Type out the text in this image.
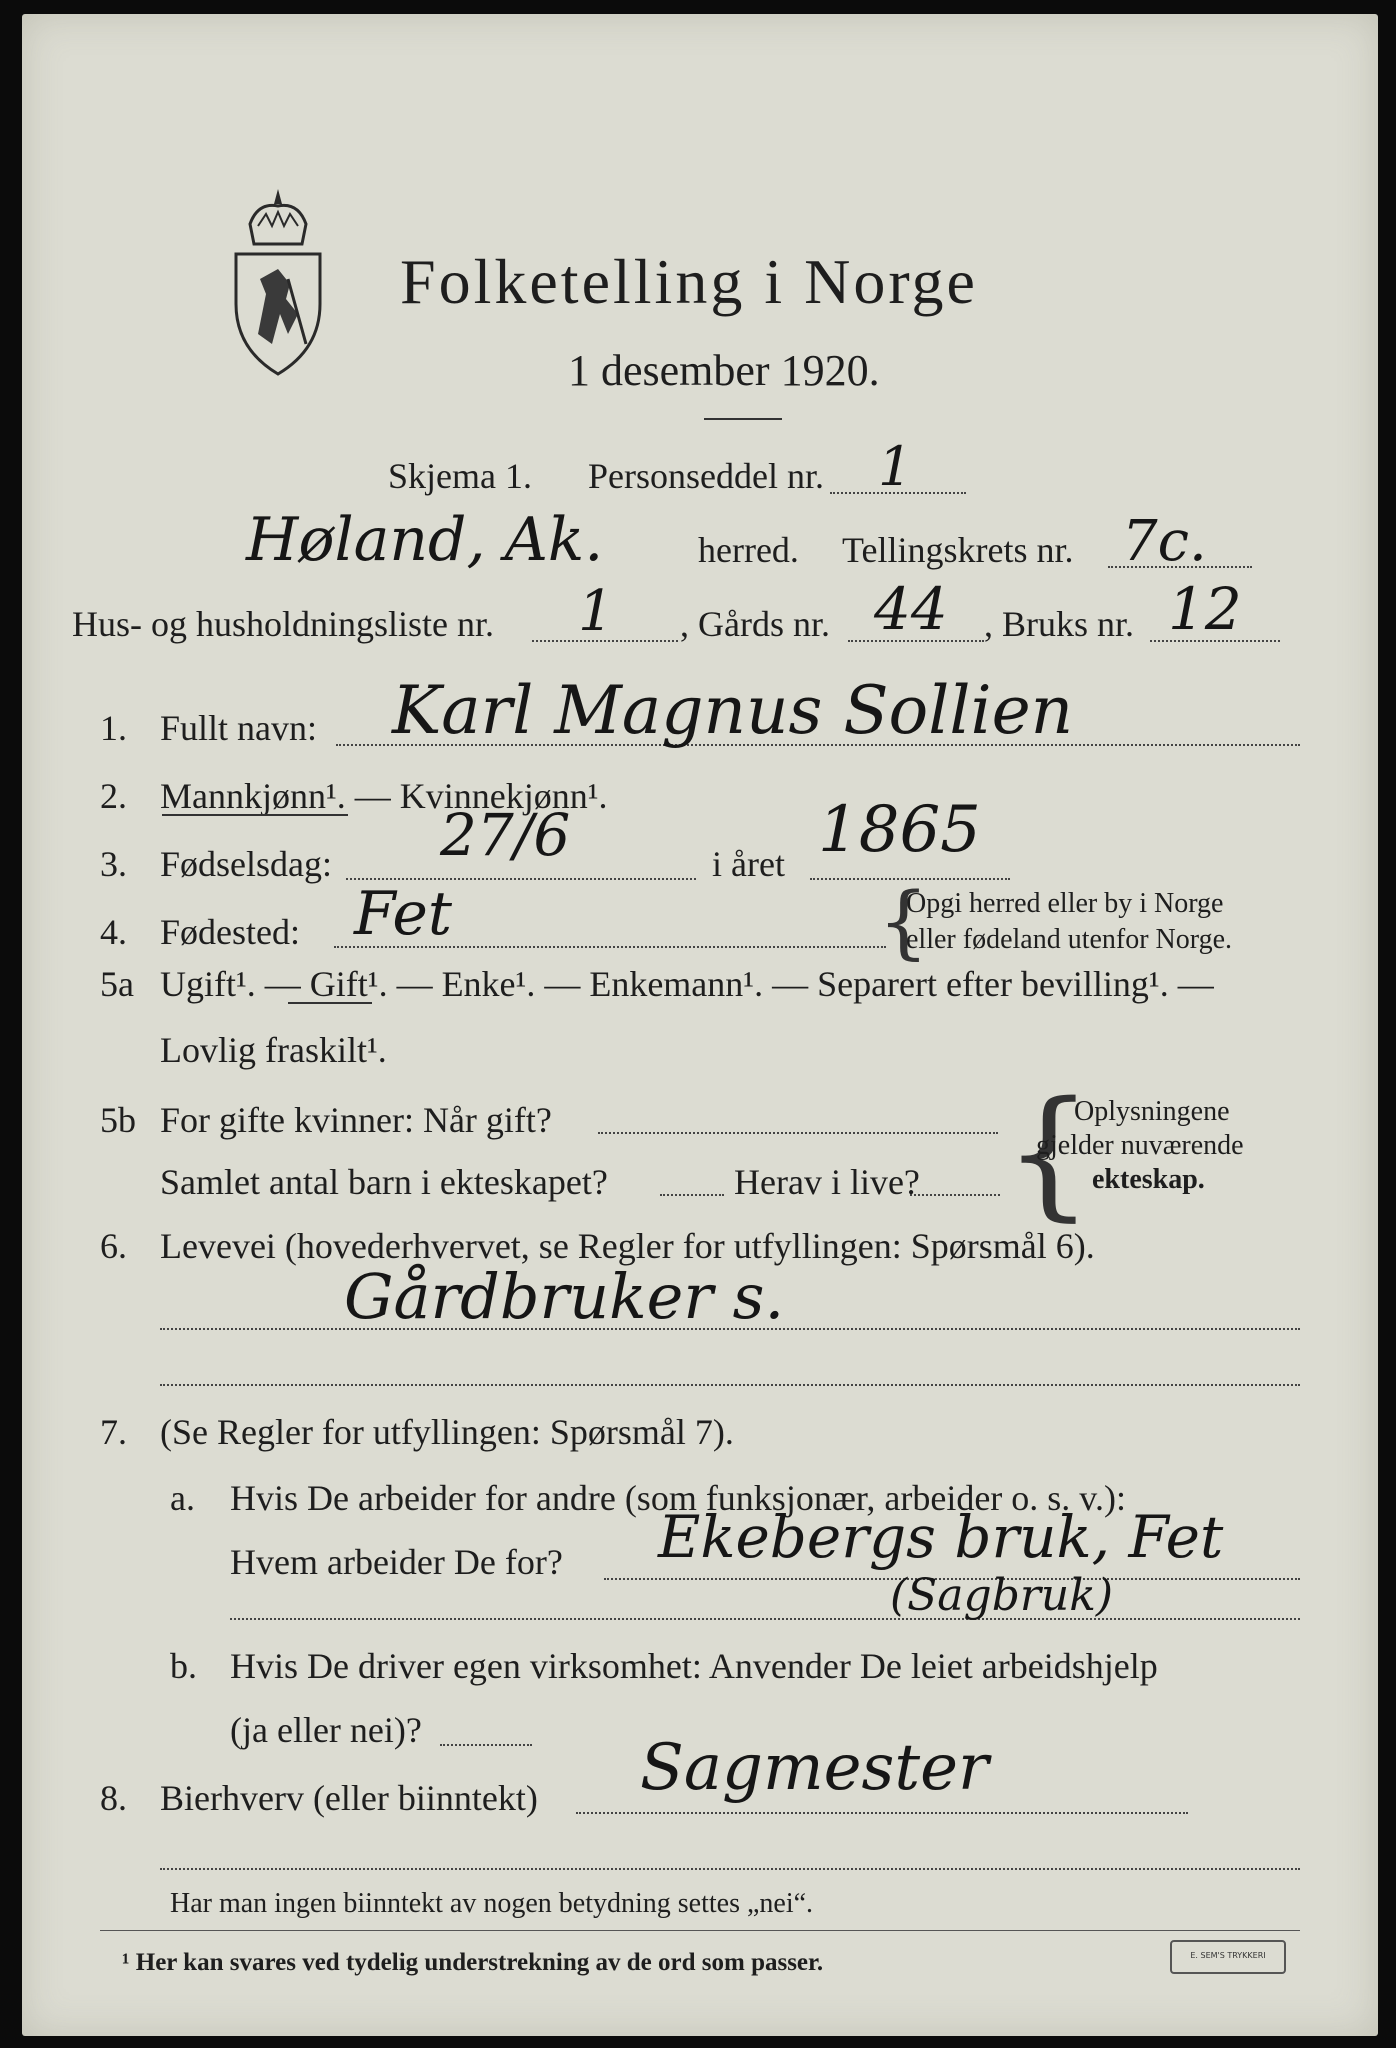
Folketelling i Norge
1 desember 1920.
Skjema 1. Personseddel nr. 1
Høland, Ak.	herred. Tellingskrets nr. 7c.
Hus- og husholdningsliste nr. 1 , Gårds nr. 44 , Bruks nr. 12
1. Fullt navn: Karl Magnus Sollien
2. Mannkjønn¹. — Kvinnekjønn¹.
3. Fødselsdag: 27/6	i året 1865
4. Fødested: Fet	{
Opgi herred eller by i Norge
eller fødeland utenfor Norge.
5a Ugift¹. — Gift¹. — Enke¹. — Enkemann¹. — Separert efter bevilling¹. —
Lovlig fraskilt¹.
5b For gifte kvinner: Når gift?
Samlet antal barn i ekteskapet?	Herav i live? {
Oplysningene
gjelder nuværende
ekteskap.
6. Levevei (hovederhvervet, se Regler for utfyllingen: Spørsmål 6).
Gårdbruker s.
7. (Se Regler for utfyllingen: Spørsmål 7).
a. Hvis De arbeider for andre (som funksjonær, arbeider o. s. v.):
Hvem arbeider De for? Ekebergs bruk, Fet
(Sagbruk)
b. Hvis De driver egen virksomhet: Anvender De leiet arbeidshjelp
(ja eller nei)?
8. Bierhverv (eller biinntekt) Sagmester
Har man ingen biinntekt av nogen betydning settes „nei“.
¹ Her kan svares ved tydelig understrekning av de ord som passer.	E. SEM'S TRYKKERI
